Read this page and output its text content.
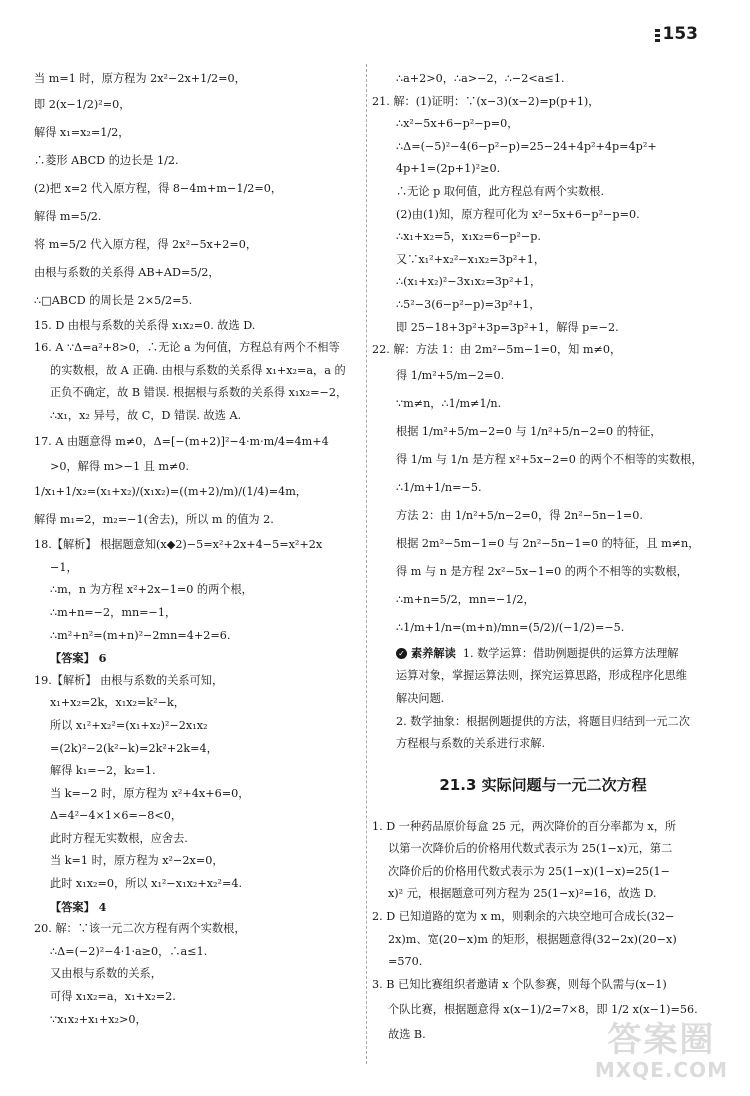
153
当 m=1 时，原方程为 2x²−2x+1/2=0，
即 2(x−1/2)²=0，
解得 x₁=x₂=1/2，
∴菱形 ABCD 的边长是 1/2.
(2)把 x=2 代入原方程，得 8−4m+m−1/2=0，
解得 m=5/2.
将 m=5/2 代入原方程，得 2x²−5x+2=0，
由根与系数的关系得 AB+AD=5/2，
∴□ABCD 的周长是 2×5/2=5.
15. D 由根与系数的关系得 x₁x₂=0. 故选 D.
16. A ∵Δ=a²+8>0，∴无论 a 为何值，方程总有两个不相等
的实数根，故 A 正确. 由根与系数的关系得 x₁+x₂=a，a 的
正负不确定，故 B 错误. 根据根与系数的关系得 x₁x₂=−2，
∴x₁，x₂ 异号，故 C，D 错误. 故选 A.
17. A 由题意得 m≠0，Δ=[−(m+2)]²−4·m·m/4=4m+4
>0，解得 m>−1 且 m≠0.
1/x₁+1/x₂=(x₁+x₂)/(x₁x₂)=((m+2)/m)/(1/4)=4m，
解得 m₁=2，m₂=−1(舍去)，所以 m 的值为 2.
18.【解析】 根据题意知(x◆2)−5=x²+2x+4−5=x²+2x
−1，
∴m，n 为方程 x²+2x−1=0 的两个根，
∴m+n=−2，mn=−1，
∴m²+n²=(m+n)²−2mn=4+2=6.
【答案】 6
19.【解析】 由根与系数的关系可知，
x₁+x₂=2k，x₁x₂=k²−k，
所以 x₁²+x₂²=(x₁+x₂)²−2x₁x₂
=(2k)²−2(k²−k)=2k²+2k=4，
解得 k₁=−2，k₂=1.
当 k=−2 时，原方程为 x²+4x+6=0，
Δ=4²−4×1×6=−8<0，
此时方程无实数根，应舍去.
当 k=1 时，原方程为 x²−2x=0，
此时 x₁x₂=0，所以 x₁²−x₁x₂+x₂²=4.
【答案】 4
20. 解：∵该一元二次方程有两个实数根，
∴Δ=(−2)²−4·1·a≥0，∴a≤1.
又由根与系数的关系，
可得 x₁x₂=a，x₁+x₂=2.
∵x₁x₂+x₁+x₂>0，
∴a+2>0，∴a>−2，∴−2<a≤1.
21. 解：(1)证明：∵(x−3)(x−2)=p(p+1)，
∴x²−5x+6−p²−p=0，
∴Δ=(−5)²−4(6−p²−p)=25−24+4p²+4p=4p²+
4p+1=(2p+1)²≥0.
∴无论 p 取何值，此方程总有两个实数根.
(2)由(1)知，原方程可化为 x²−5x+6−p²−p=0.
∴x₁+x₂=5，x₁x₂=6−p²−p.
又∵x₁²+x₂²−x₁x₂=3p²+1，
∴(x₁+x₂)²−3x₁x₂=3p²+1，
∴5²−3(6−p²−p)=3p²+1，
即 25−18+3p²+3p=3p²+1，解得 p=−2.
22. 解：方法 1：由 2m²−5m−1=0，知 m≠0，
得 1/m²+5/m−2=0.
∵m≠n，∴1/m≠1/n.
根据 1/m²+5/m−2=0 与 1/n²+5/n−2=0 的特征，
得 1/m 与 1/n 是方程 x²+5x−2=0 的两个不相等的实数根，
∴1/m+1/n=−5.
方法 2：由 1/n²+5/n−2=0，得 2n²−5n−1=0.
根据 2m²−5m−1=0 与 2n²−5n−1=0 的特征，且 m≠n，
得 m 与 n 是方程 2x²−5x−1=0 的两个不相等的实数根，
∴m+n=5/2，mn=−1/2，
∴1/m+1/n=(m+n)/mn=(5/2)/(−1/2)=−5.
✓ 素养解读 1. 数学运算：借助例题提供的运算方法理解
运算对象，掌握运算法则，探究运算思路，形成程序化思维
解决问题.
2. 数学抽象：根据例题提供的方法，将题目归结到一元二次
方程根与系数的关系进行求解.
21.3 实际问题与一元二次方程
1. D 一种药品原价每盒 25 元，两次降价的百分率都为 x，所
以第一次降价后的价格用代数式表示为 25(1−x)元，第二
次降价后的价格用代数式表示为 25(1−x)(1−x)=25(1−
x)² 元，根据题意可列方程为 25(1−x)²=16，故选 D.
2. D 已知道路的宽为 x m，则剩余的六块空地可合成长(32−
2x)m、宽(20−x)m 的矩形，根据题意得(32−2x)(20−x)
=570.
3. B 已知比赛组织者邀请 x 个队参赛，则每个队需与(x−1)
个队比赛，根据题意得 x(x−1)/2=7×8，即 1/2 x(x−1)=56.
故选 B.	答案圈
MXQE.COM
